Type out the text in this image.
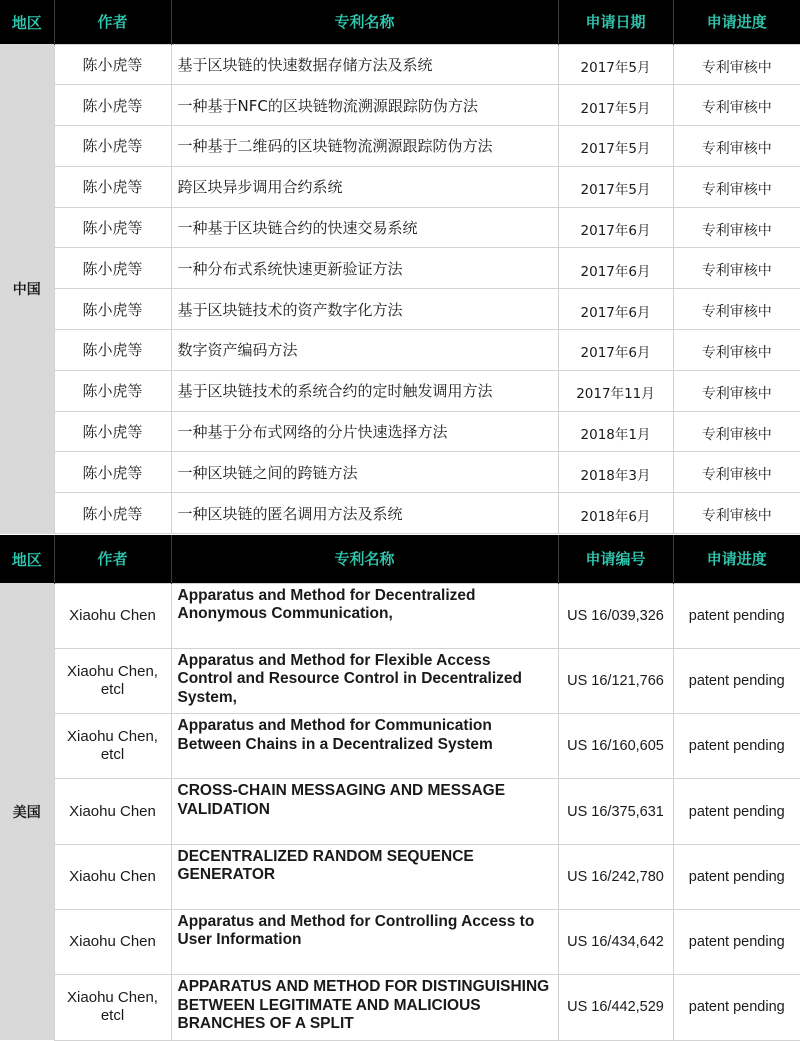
地区	作者	专利名称	申请日期	申请进度
中国	陈小虎等	基于区块链的快速数据存储方法及系统	2017年5月	专利审核中
	陈小虎等	一种基于NFC的区块链物流溯源跟踪防伪方法	2017年5月	专利审核中
	陈小虎等	一种基于二维码的区块链物流溯源跟踪防伪方法	2017年5月	专利审核中
	陈小虎等	跨区块异步调用合约系统	2017年5月	专利审核中
	陈小虎等	一种基于区块链合约的快速交易系统	2017年6月	专利审核中
	陈小虎等	一种分布式系统快速更新验证方法	2017年6月	专利审核中
	陈小虎等	基于区块链技术的资产数字化方法	2017年6月	专利审核中
	陈小虎等	数字资产编码方法	2017年6月	专利审核中
	陈小虎等	基于区块链技术的系统合约的定时触发调用方法	2017年11月	专利审核中
	陈小虎等	一种基于分布式网络的分片快速选择方法	2018年1月	专利审核中
	陈小虎等	一种区块链之间的跨链方法	2018年3月	专利审核中
	陈小虎等	一种区块链的匿名调用方法及系统	2018年6月	专利审核中
地区	作者	专利名称	申请编号	申请进度
美国	Xiaohu Chen	Apparatus and Method for Decentralized Anonymous Communication,	US 16/039,326	patent pending
	Xiaohu Chen, etcl	Apparatus and Method for Flexible Access Control and Resource Control in Decentralized System,	US 16/121,766	patent pending
	Xiaohu Chen, etcl	Apparatus and Method for Communication Between Chains in a Decentralized System	US 16/160,605	patent pending
	Xiaohu Chen	CROSS-CHAIN MESSAGING AND MESSAGE VALIDATION	US 16/375,631	patent pending
	Xiaohu Chen	DECENTRALIZED RANDOM SEQUENCE GENERATOR	US 16/242,780	patent pending
	Xiaohu Chen	Apparatus and Method for Controlling Access to User Information	US 16/434,642	patent pending
	Xiaohu Chen, etcl	APPARATUS AND METHOD FOR DISTINGUISHING BETWEEN LEGITIMATE AND MALICIOUS BRANCHES OF A SPLIT	US 16/442,529	patent pending
